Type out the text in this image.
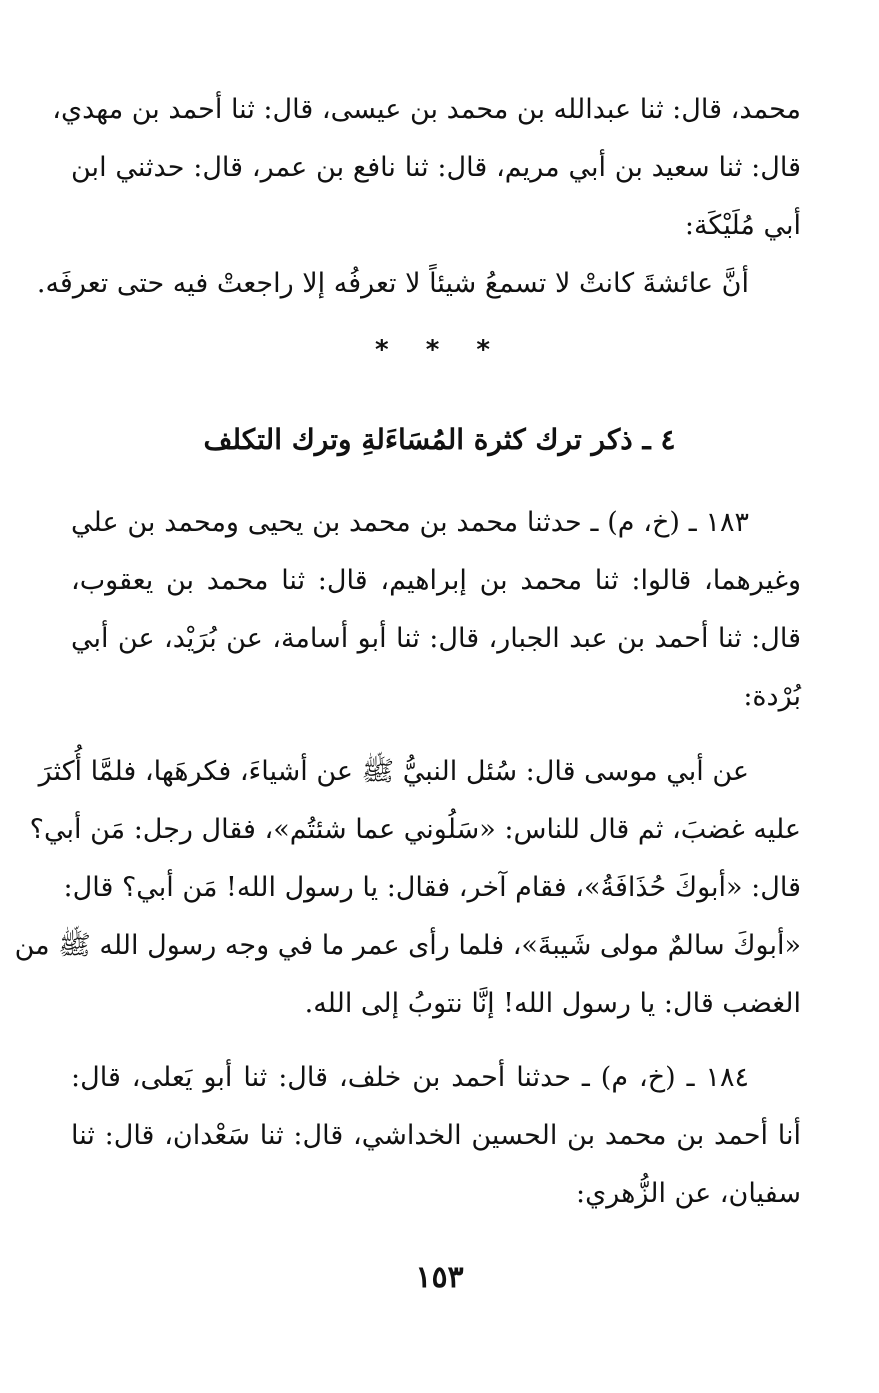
محمد، قال: ثنا عبدالله بن محمد بن عيسى، قال: ثنا أحمد بن مهدي،
قال: ثنا سعيد بن أبي مريم، قال: ثنا نافع بن عمر، قال: حدثني ابن
أبي مُلَيْكَة:
أنَّ عائشةَ كانتْ لا تسمعُ شيئاً لا تعرفُه إلا راجعتْ فيه حتى تعرفَه.
* * *
٤ ـ ذكر ترك كثرة المُسَاءَلةِ وترك التكلف
١٨٣ ـ (خ، م) ـ حدثنا محمد بن محمد بن يحيى ومحمد بن علي
وغيرهما، قالوا: ثنا محمد بن إبراهيم، قال: ثنا محمد بن يعقوب،
قال: ثنا أحمد بن عبد الجبار، قال: ثنا أبو أسامة، عن بُرَيْد، عن أبي
بُرْدة:
عن أبي موسى قال: سُئل النبيُّ ﷺ عن أشياءَ، فكرهَها، فلمَّا أُكثرَ
عليه غضبَ، ثم قال للناس: «سَلُوني عما شئتُم»، فقال رجل: مَن أبي؟
قال: «أبوكَ حُذَافَةُ»، فقام آخر، فقال: يا رسول الله! مَن أبي؟ قال:
«أبوكَ سالمٌ مولى شَيبةَ»، فلما رأى عمر ما في وجه رسول الله ﷺ من
الغضب قال: يا رسول الله! إنَّا نتوبُ إلى الله.
١٨٤ ـ (خ، م) ـ حدثنا أحمد بن خلف، قال: ثنا أبو يَعلى، قال:
أنا أحمد بن محمد بن الحسين الخداشي، قال: ثنا سَعْدان، قال: ثنا
سفيان، عن الزُّهري:
١٥٣
